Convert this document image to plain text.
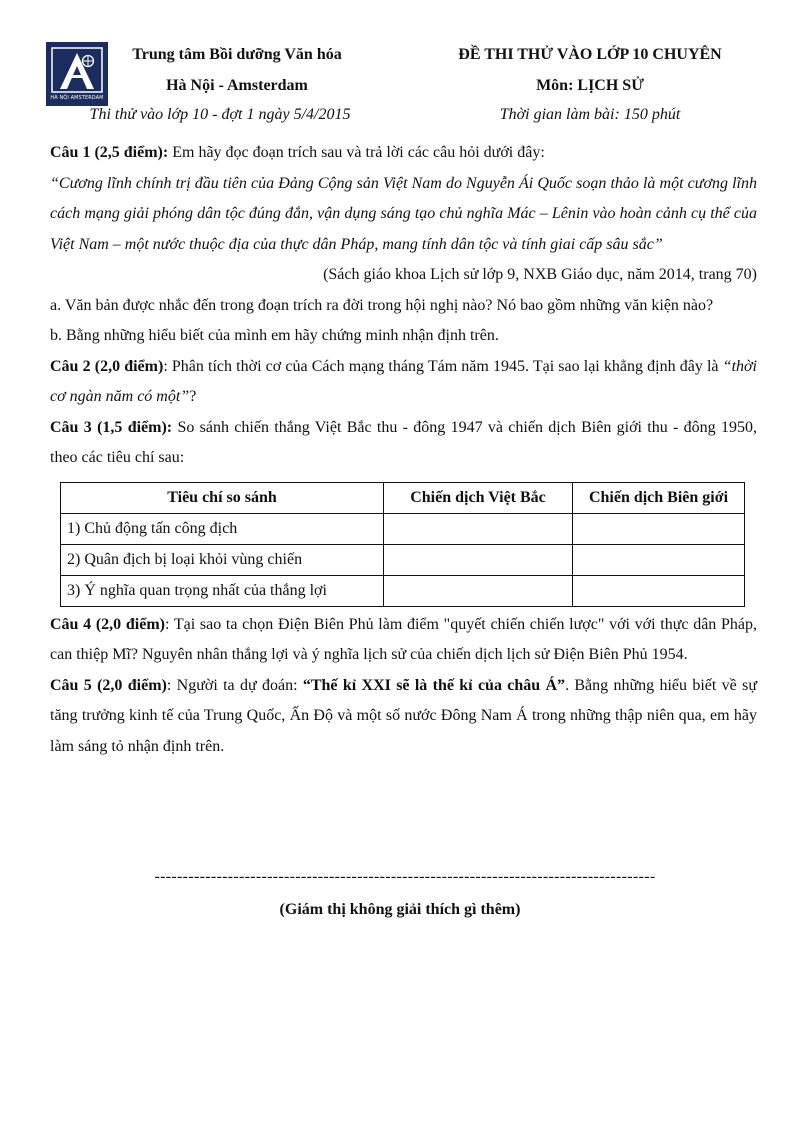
HÀ NỘI AMSTERDAM
Trung tâm Bồi dưỡng Văn hóa
Hà Nội - Amsterdam
ĐỀ THI THỬ VÀO LỚP 10 CHUYÊN
Môn: LỊCH SỬ
Thi thử vào lớp 10 - đợt 1 ngày 5/4/2015	Thời gian làm bài: 150 phút

Câu 1 (2,5 điểm): Em hãy đọc đoạn trích sau và trả lời các câu hỏi dưới đây:

“Cương lĩnh chính trị đầu tiên của Đảng Cộng sản Việt Nam do Nguyễn Ái Quốc soạn thảo là một cương lĩnh cách mạng giải phóng dân tộc đúng đắn, vận dụng sáng tạo chủ nghĩa Mác – Lênin vào hoàn cảnh cụ thể của Việt Nam – một nước thuộc địa của thực dân Pháp, mang tính dân tộc và tính giai cấp sâu sắc”

(Sách giáo khoa Lịch sử lớp 9, NXB Giáo dục, năm 2014, trang 70)

a. Văn bản được nhắc đến trong đoạn trích ra đời trong hội nghị nào? Nó bao gồm những văn kiện nào?

b. Bằng những hiểu biết của mình em hãy chứng minh nhận định trên.

Câu 2 (2,0 điểm): Phân tích thời cơ của Cách mạng tháng Tám năm 1945. Tại sao lại khẳng định đây là “thời cơ ngàn năm có một”?

Câu 3 (1,5 điểm): So sánh chiến thắng Việt Bắc thu - đông 1947 và chiến dịch Biên giới thu - đông 1950, theo các tiêu chí sau:

Tiêu chí so sánh	Chiến dịch Việt Bắc	Chiến dịch Biên giới
1) Chủ động tấn công địch		
2) Quân địch bị loại khỏi vùng chiến		
3) Ý nghĩa quan trọng nhất của thắng lợi		

Câu 4 (2,0 điểm): Tại sao ta chọn Điện Biên Phủ làm điểm "quyết chiến chiến lược" với với thực dân Pháp, can thiệp Mĩ? Nguyên nhân thắng lợi và ý nghĩa lịch sử của chiến dịch lịch sử Điện Biên Phủ 1954.

Câu 5 (2,0 điểm): Người ta dự đoán: “Thế kỉ XXI sẽ là thế kỉ của châu Á”. Bằng những hiểu biết về sự tăng trưởng kinh tế của Trung Quốc, Ấn Độ và một số nước Đông Nam Á trong những thập niên qua, em hãy làm sáng tỏ nhận định trên.

-----------------------------------------------------------------------------------------
(Giám thị không giải thích gì thêm)
